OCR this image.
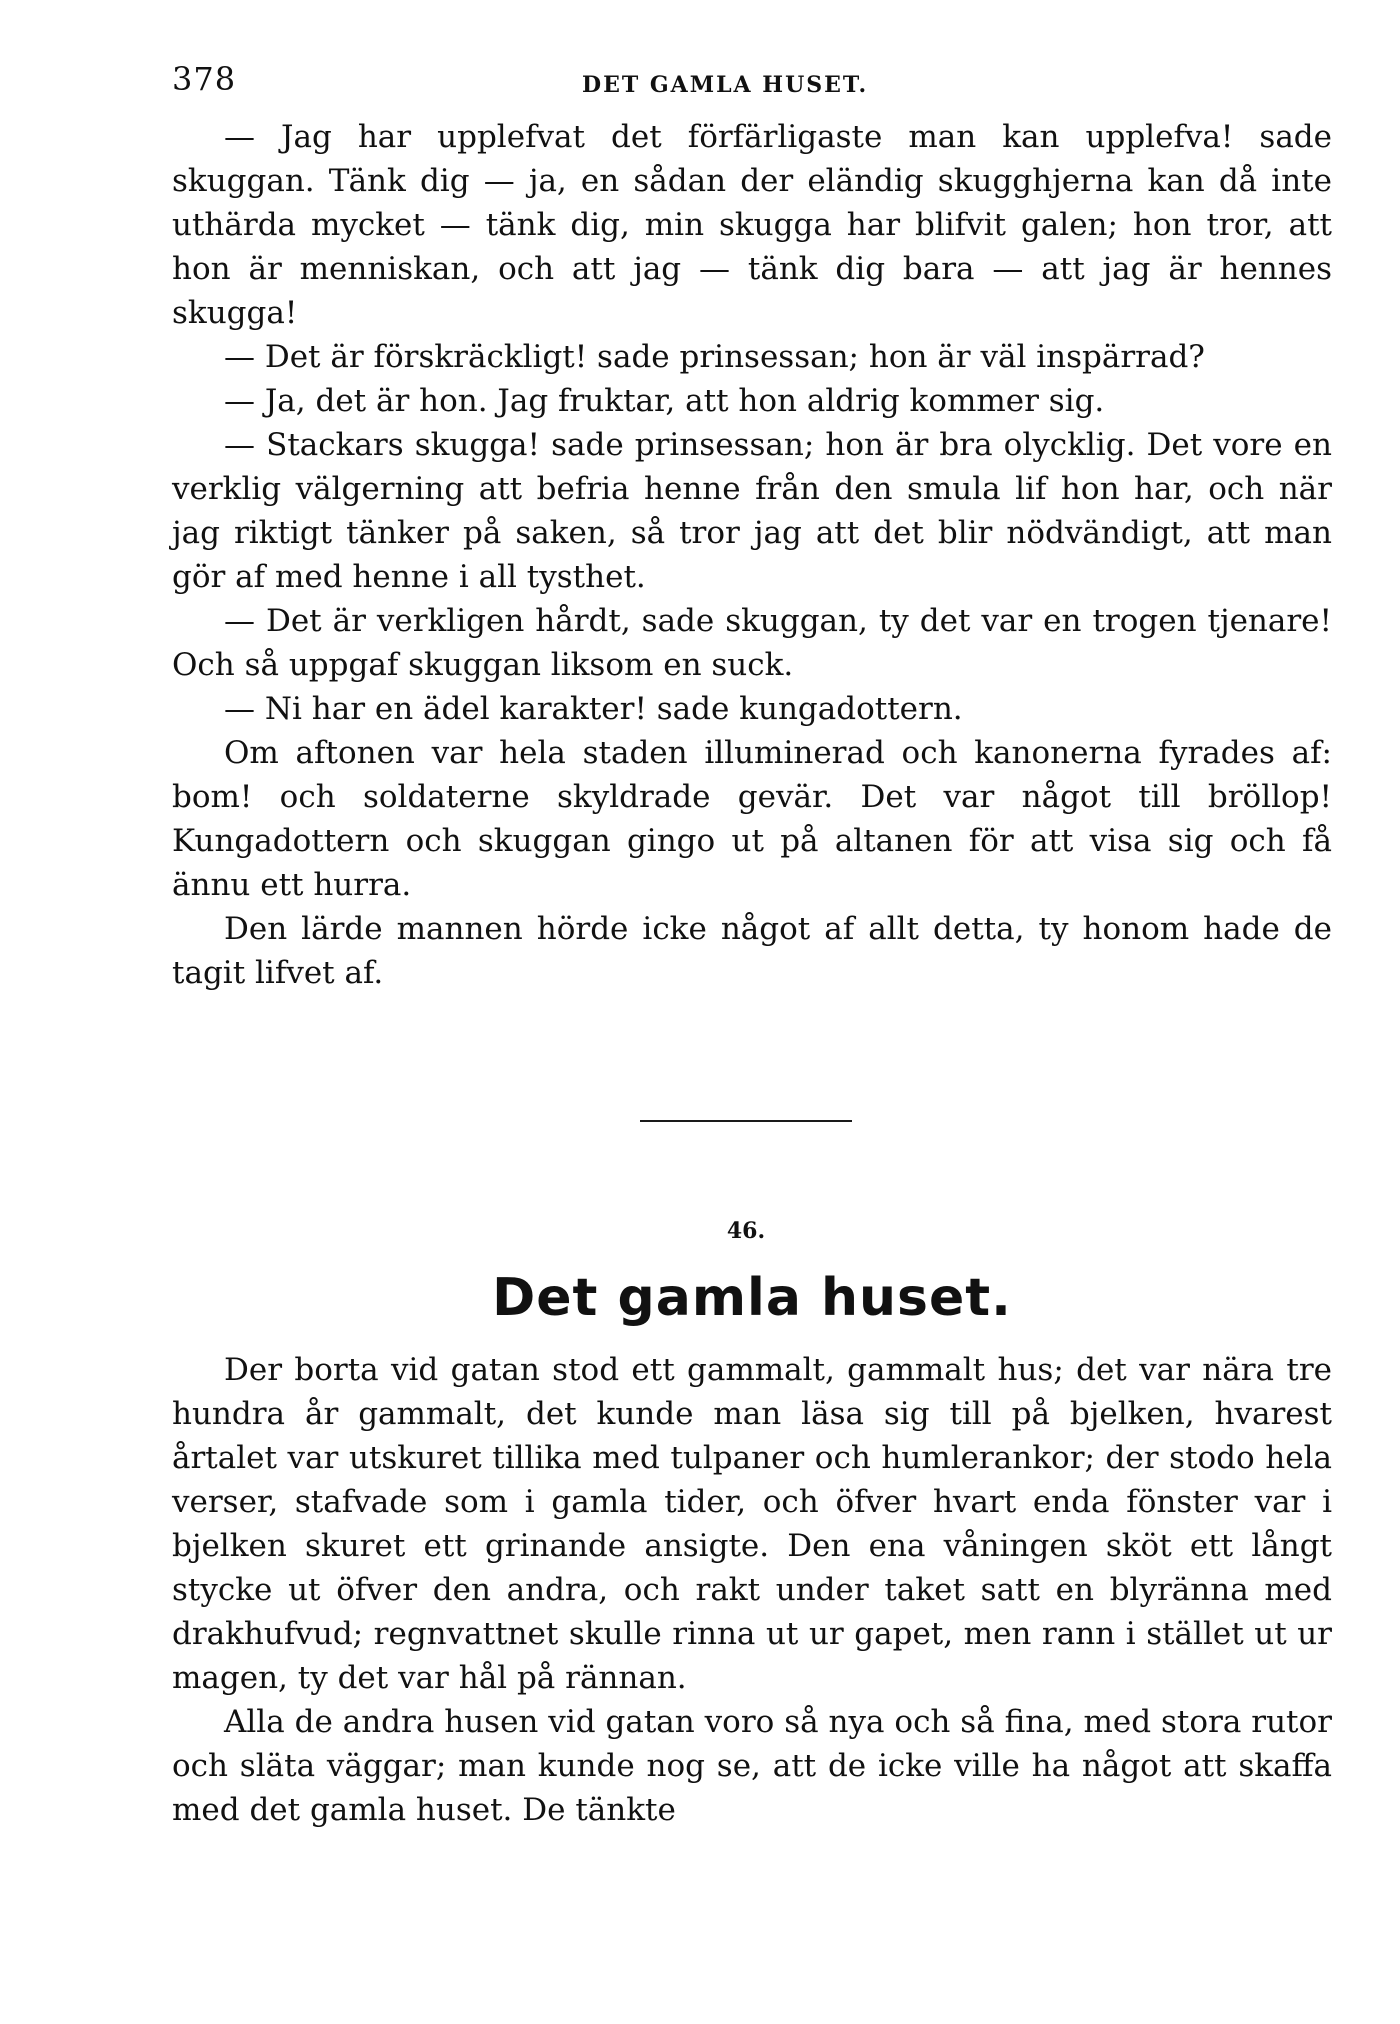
378	DET GAMLA HUSET.

— Jag har upplefvat det förfärligaste man kan upplefva! sade skuggan. Tänk dig — ja, en sådan der eländig skugghjerna kan då inte uthärda mycket — tänk dig, min skugga har blifvit galen; hon tror, att hon är menniskan, och att jag — tänk dig bara — att jag är hennes skugga!

— Det är förskräckligt! sade prinsessan; hon är väl inspärrad?

— Ja, det är hon. Jag fruktar, att hon aldrig kommer sig.

— Stackars skugga! sade prinsessan; hon är bra olycklig. Det vore en verklig välgerning att befria henne från den smula lif hon har, och när jag riktigt tänker på saken, så tror jag att det blir nödvändigt, att man gör af med henne i all tysthet.

— Det är verkligen hårdt, sade skuggan, ty det var en trogen tjenare! Och så uppgaf skuggan liksom en suck.

— Ni har en ädel karakter! sade kungadottern.

Om aftonen var hela staden illuminerad och kanonerna fyrades af: bom! och soldaterne skyldrade gevär. Det var något till bröllop! Kungadottern och skuggan gingo ut på altanen för att visa sig och få ännu ett hurra.

Den lärde mannen hörde icke något af allt detta, ty honom hade de tagit lifvet af.

46.
Det gamla huset.

Der borta vid gatan stod ett gammalt, gammalt hus; det var nära tre hundra år gammalt, det kunde man läsa sig till på bjelken, hvarest årtalet var utskuret tillika med tulpaner och humlerankor; der stodo hela verser, stafvade som i gamla tider, och öfver hvart enda fönster var i bjelken skuret ett grinande ansigte. Den ena våningen sköt ett långt stycke ut öfver den andra, och rakt under taket satt en blyränna med drakhufvud; regnvattnet skulle rinna ut ur gapet, men rann i stället ut ur magen, ty det var hål på rännan.

Alla de andra husen vid gatan voro så nya och så fina, med stora rutor och släta väggar; man kunde nog se, att de icke ville ha något att skaffa med det gamla huset. De tänkte
